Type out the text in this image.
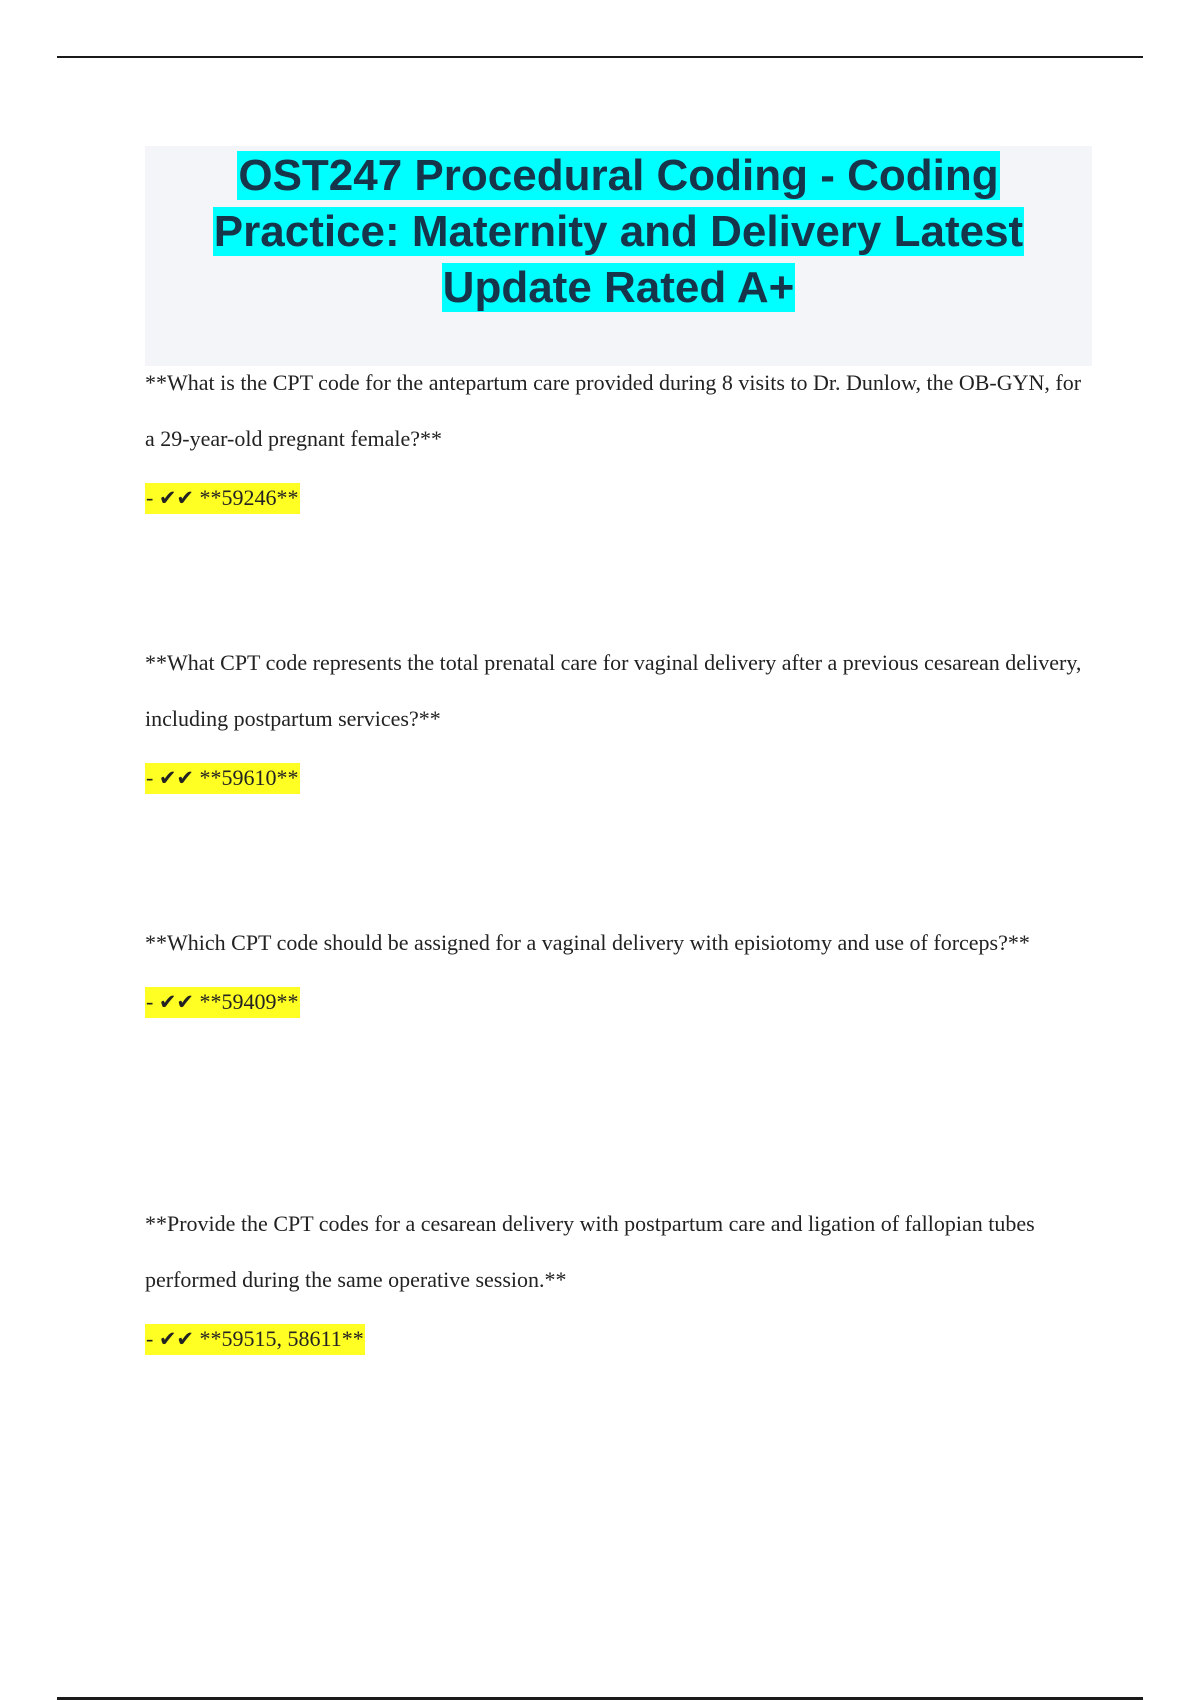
OST247 Procedural Coding - Coding
Practice: Maternity and Delivery Latest
Update Rated A+

**What is the CPT code for the antepartum care provided during 8 visits to Dr. Dunlow, the OB-GYN, for a 29-year-old pregnant female?**

- ✔✔ **59246**

**What CPT code represents the total prenatal care for vaginal delivery after a previous cesarean delivery, including postpartum services?**

- ✔✔ **59610**

**Which CPT code should be assigned for a vaginal delivery with episiotomy and use of forceps?**

- ✔✔ **59409**

**Provide the CPT codes for a cesarean delivery with postpartum care and ligation of fallopian tubes performed during the same operative session.**

- ✔✔ **59515, 58611**
